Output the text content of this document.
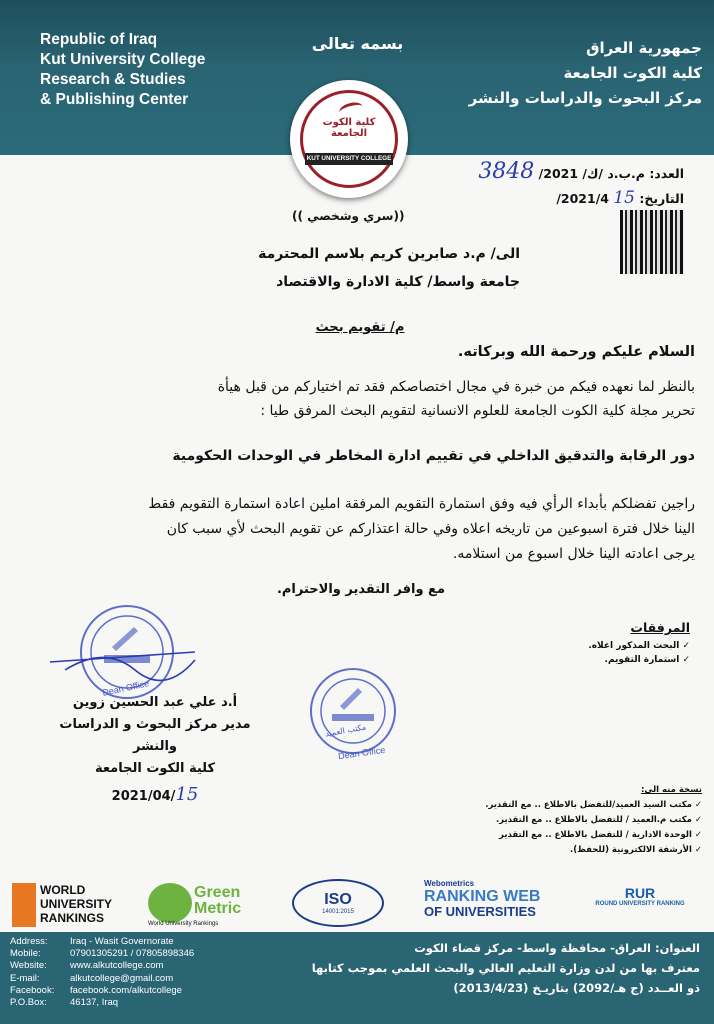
Republic of Iraq
Kut University College
Research & Studies
& Publishing Center
بسمه تعالى	جمهورية العراق
كلية الكوت الجامعة
مركز البحوث والدراسات والنشر
كلية الكوت الجامعة
KUT UNIVERSITY COLLEGE
العدد: م.ب.د /ك/ 2021/ 3848
التاريخ: 15 2021/4/
((سري وشخصي ))
الى/ م.د صابرين كريم بلاسم المحترمة
جامعة واسط/ كلية الادارة والاقتصاد
م/ تقويم بحث
السلام عليكم ورحمة الله وبركاته.
بالنظر لما نعهده فيكم من خبرة في مجال اختصاصكم فقد تم اختياركم من قبل هيأة
تحرير مجلة كلية الكوت الجامعة للعلوم الانسانية لتقويم البحث المرفق طيا :
دور الرقابة والتدقيق الداخلي في تقييم ادارة المخاطر في الوحدات الحكومية
راجين تفضلكم بأبداء الرأي فيه وفق استمارة التقويم المرفقة املين اعادة استمارة التقويم فقط
الينا خلال فترة اسبوعين من تاريخه اعلاه وفي حالة اعتذاركم عن تقويم البحث لأي سبب كان
يرجى اعادته الينا خلال اسبوع من استلامه.
مع وافر التقدير والاحترام.
المرفقات
✓ البحث المذكور اعلاه.
✓ استمارة التقويم.
Dean Office
مكتب العميد
Dean Office
أ.د علي عبد الحسين زوين
مدير مركز البحوث و الدراسات والنشر
كلية الكوت الجامعة
2021/04/15	نسخة منه الى:
✓ مكتب السيد العميد/للتفضل بالاطلاع .. مع التقدير.
✓ مكتب م.العميد / للتفضل بالاطلاع .. مع التقدير.
✓ الوحدة الادارية / للتفضل بالاطلاع .. مع التقدير
✓ الأرشفة الالكترونية (للحفظ).
WORLD
UNIVERSITY
RANKINGS
Green
Metric
World University Rankings
ISO
14001:2015
Webometrics
RANKING WEB
OF UNIVERSITIES
RUR
ROUND UNIVERSITY RANKING
Address: Iraq - Wasit Governorate
Mobile:	07901305291 / 07805898346
Website: www.alkutcollege.com
E-mail:	alkutcollege@gmail.com
Facebook: facebook.com/alkutcollege
P.O.Box: 46137, Iraq
العنوان: العراق- محافظة واسط- مركز قضاء الكوت
معترف بها من لدن وزارة التعليم العالي والبحث العلمي بموجب كتابها
ذو العــدد (ج هـ/2092) بتاريـخ (2013/4/23)
